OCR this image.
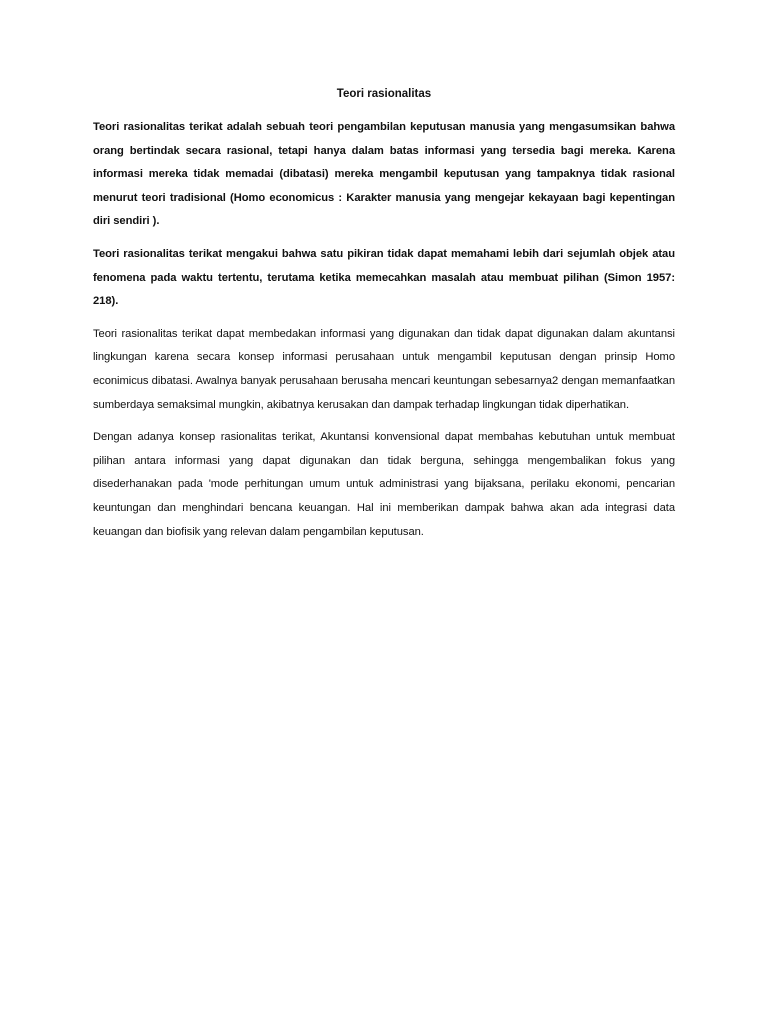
Teori rasionalitas

Teori rasionalitas terikat adalah sebuah teori pengambilan keputusan manusia yang mengasumsikan bahwa orang bertindak secara rasional, tetapi hanya dalam batas informasi yang tersedia bagi mereka. Karena informasi mereka tidak memadai (dibatasi) mereka mengambil keputusan yang tampaknya tidak rasional menurut teori tradisional (Homo economicus : Karakter manusia yang mengejar kekayaan bagi kepentingan diri sendiri ).

Teori rasionalitas terikat mengakui bahwa satu pikiran tidak dapat memahami lebih dari sejumlah objek atau fenomena pada waktu tertentu, terutama ketika memecahkan masalah atau membuat pilihan (Simon 1957: 218).

Teori rasionalitas terikat dapat membedakan informasi yang digunakan dan tidak dapat digunakan dalam akuntansi lingkungan karena secara konsep informasi perusahaan untuk mengambil keputusan dengan prinsip Homo econimicus dibatasi. Awalnya banyak perusahaan berusaha mencari keuntungan sebesarnya2 dengan memanfaatkan sumberdaya semaksimal mungkin, akibatnya kerusakan dan dampak terhadap lingkungan tidak diperhatikan.

Dengan adanya konsep rasionalitas terikat, Akuntansi konvensional dapat membahas kebutuhan untuk membuat pilihan antara informasi yang dapat digunakan dan tidak berguna, sehingga mengembalikan fokus yang disederhanakan pada 'mode perhitungan umum untuk administrasi yang bijaksana, perilaku ekonomi, pencarian keuntungan dan menghindari bencana keuangan. Hal ini memberikan dampak bahwa akan ada integrasi data keuangan dan biofisik yang relevan dalam pengambilan keputusan.
